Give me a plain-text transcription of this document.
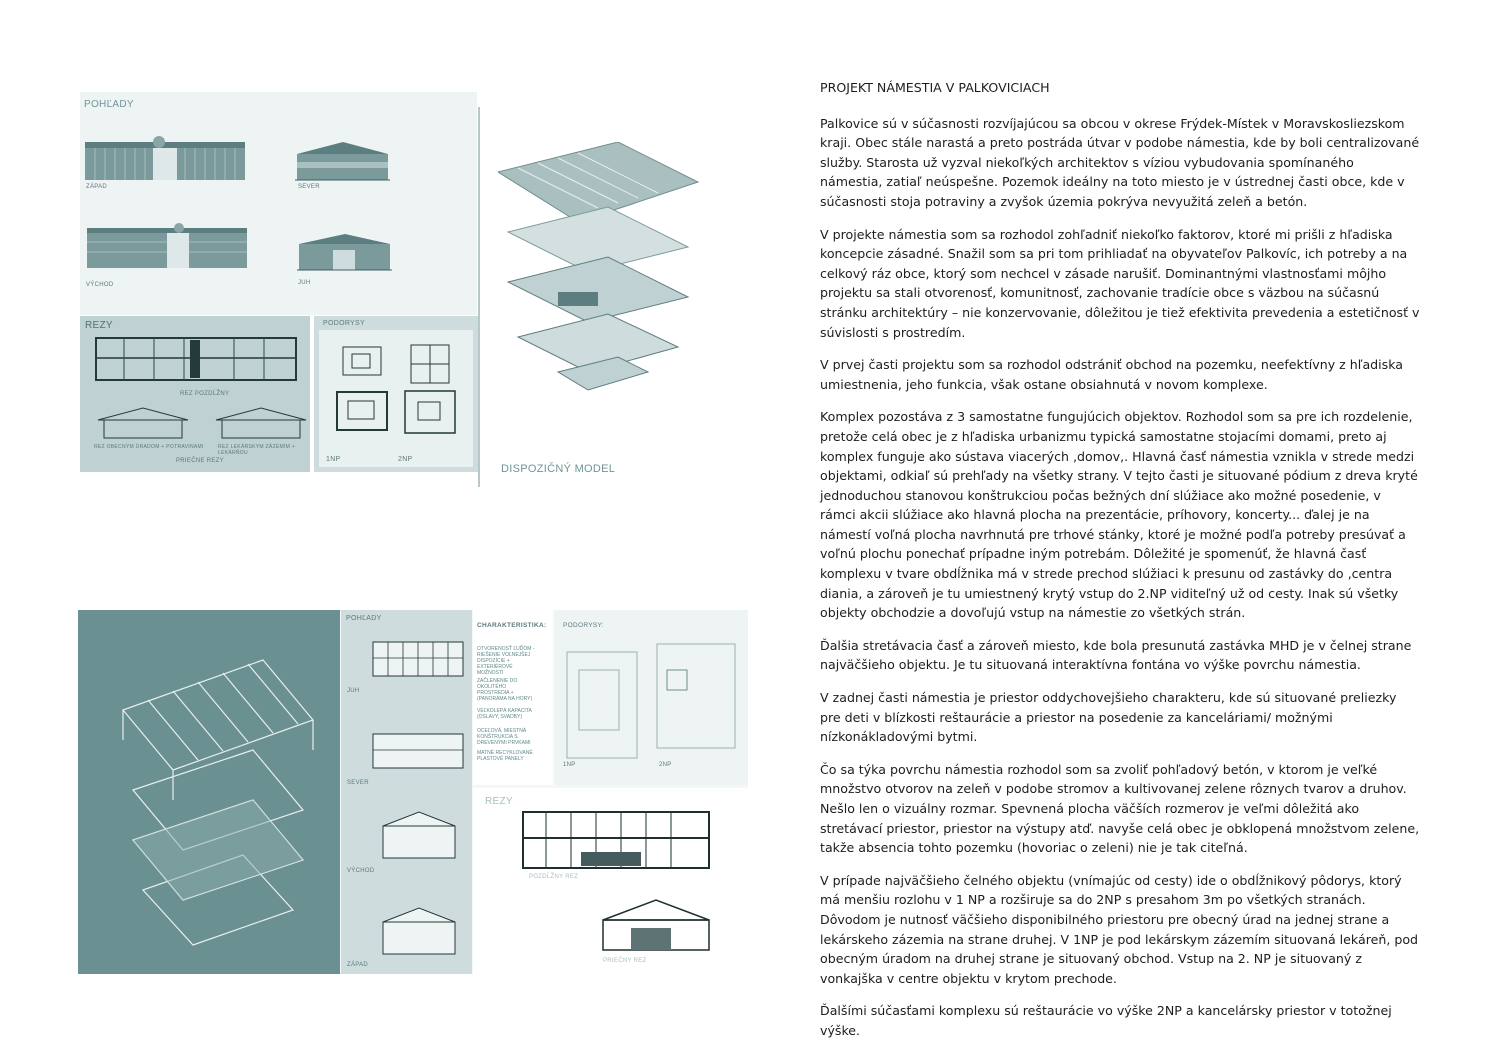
POHĽADY
ZÁPAD	SEVER
VÝCHOD	JUH
REZY
REZ POZDĹŽNY
REZ OBECNÝM ÚRADOM + POTRAVINAMI	REZ LEKÁRSKYM ZÁZEMÍM + LEKÁRŇOU
PRIEČNE REZY
PODORYSY
1NP	2NP
DISPOZIČNÝ MODEL
POHĽADY
JUH
SEVER
VÝCHOD
ZÁPAD
CHARAKTERISTIKA:
OTVORENOSŤ ĽUĎOM - RIEŠENIE VOĽNEJŠEJ DISPOZÍCIE + EXTERIÉROVÉ MOŽNOSTI
ZAČLENENIE DO OKOLITÉHO PROSTREDIA + (PANORÁMA NA HORY)
VEĽKOLEPÁ KAPACITA (OSLAVY, SVADBY)
OCEĽOVÁ, MIESTNÁ KONŠTRUKCIA S DREVENÝMI PRVKAMI
MATNÉ RECYKLOVANÉ PLASTOVÉ PANELY
PODORYSY:
1NP	2NP
REZY
POZDĹŽNY REZ
PRIEČNY REZ
PROJEKT NÁMESTIA V PALKOVICIACH

Palkovice sú v súčasnosti rozvíjajúcou sa obcou v okrese Frýdek-Místek v Moravskosliezskom kraji. Obec stále narastá a preto postráda útvar v podobe námestia, kde by boli centralizované služby. Starosta už vyzval niekoľkých architektov s víziou vybudovania spomínaného námestia, zatiaľ neúspešne. Pozemok ideálny na toto miesto je v ústrednej časti obce, kde v súčasnosti stoja potraviny a zvyšok územia pokrýva nevyužitá zeleň a betón.

V projekte námestia som sa rozhodol zohľadniť niekoľko faktorov, ktoré mi prišli z hľadiska koncepcie zásadné. Snažil som sa pri tom prihliadať na obyvateľov Palkovíc, ich potreby a na celkový ráz obce, ktorý som nechcel v zásade narušiť. Dominantnými vlastnosťami môjho projektu sa stali otvorenosť, komunitnosť, zachovanie tradície obce s väzbou na súčasnú stránku architektúry – nie konzervovanie, dôležitou je tiež efektivita prevedenia a estetičnosť v súvislosti s prostredím.

V prvej časti projektu som sa rozhodol odstrániť obchod na pozemku, neefektívny z hľadiska umiestnenia, jeho funkcia, však ostane obsiahnutá v novom komplexe.

Komplex pozostáva z 3 samostatne fungujúcich objektov. Rozhodol som sa pre ich rozdelenie, pretože celá obec je z hľadiska urbanizmu typická samostatne stojacími domami, preto aj komplex funguje ako sústava viacerých ‚domov,. Hlavná časť námestia vznikla v strede medzi objektami, odkiaľ sú prehľady na všetky strany. V tejto časti je situované pódium z dreva kryté jednoduchou stanovou konštrukciou počas bežných dní slúžiace ako možné posedenie, v rámci akcii slúžiace ako hlavná plocha na prezentácie, príhovory, koncerty... ďalej je na námestí voľná plocha navrhnutá pre trhové stánky, ktoré je možné podľa potreby presúvať a voľnú plochu ponechať prípadne iným potrebám. Dôležité je spomenúť, že hlavná časť komplexu v tvare obdĺžnika má v strede prechod slúžiaci k presunu od zastávky do ‚centra diania, a zároveň je tu umiestnený krytý vstup do 2.NP viditeľný už od cesty. Inak sú všetky objekty obchodzie a dovoľujú vstup na námestie zo všetkých strán.

Ďalšia stretávacia časť a zároveň miesto, kde bola presunutá zastávka MHD je v čelnej strane najväčšieho objektu. Je tu situovaná interaktívna fontána vo výške povrchu námestia.

V zadnej časti námestia je priestor oddychovejšieho charakteru, kde sú situované preliezky pre deti v blízkosti reštaurácie a priestor na posedenie za kanceláriami/ možnými nízkonákladovými bytmi.

Čo sa týka povrchu námestia rozhodol som sa zvoliť pohľadový betón, v ktorom je veľké množstvo otvorov na zeleň v podobe stromov a kultivovanej zelene rôznych tvarov a druhov. Nešlo len o vizuálny rozmar. Spevnená plocha väčších rozmerov je veľmi dôležitá ako stretávací priestor, priestor na výstupy atď. navyše celá obec je obklopená množstvom zelene, takže absencia tohto pozemku (hovoriac o zeleni) nie je tak citeľná.

V prípade najväčšieho čelného objektu (vnímajúc od cesty) ide o obdĺžnikový pôdorys, ktorý má menšiu rozlohu v 1 NP a rozširuje sa do 2NP s presahom 3m po všetkých stranách. Dôvodom je nutnosť väčšieho disponibilného priestoru pre obecný úrad na jednej strane a lekárskeho zázemia na strane druhej. V 1NP je pod lekárskym zázemím situovaná lekáreň, pod obecným úradom na druhej strane je situovaný obchod. Vstup na 2. NP je situovaný z vonkajška v centre objektu v krytom prechode.

Ďalšími súčasťami komplexu sú reštaurácie vo výške 2NP a kancelársky priestor v totožnej výške.
